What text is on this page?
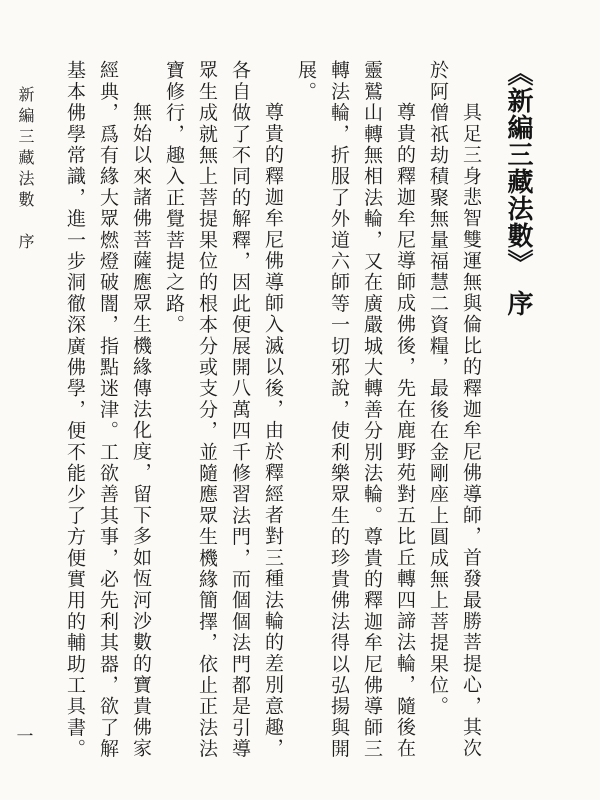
《新編三藏法數》　序
具足三身悲智雙運無與倫比的釋迦牟尼佛導師，首發最勝菩提心，其次
於阿僧祇劫積聚無量福慧二資糧，最後在金剛座上圓成無上菩提果位。
尊貴的釋迦牟尼導師成佛後，先在鹿野苑對五比丘轉四諦法輪，隨後在
靈鷲山轉無相法輪，又在廣嚴城大轉善分別法輪。尊貴的釋迦牟尼佛導師三
轉法輪，折服了外道六師等一切邪說，使利樂眾生的珍貴佛法得以弘揚與開
展。
尊貴的釋迦牟尼佛導師入滅以後，由於釋經者對三種法輪的差別意趣，
各自做了不同的解釋，因此便展開八萬四千修習法門，而個個法門都是引導
眾生成就無上菩提果位的根本分或支分，並隨應眾生機緣簡擇，依止正法法
寶修行，趣入正覺菩提之路。
無始以來諸佛菩薩應眾生機緣傳法化度，留下多如恆河沙數的寶貴佛家
經典，爲有緣大眾燃燈破闇，指點迷津。工欲善其事，必先利其器，欲了解
基本佛學常識，進一步洞徹深廣佛學，便不能少了方便實用的輔助工具書。
新編三藏法數　序
一
